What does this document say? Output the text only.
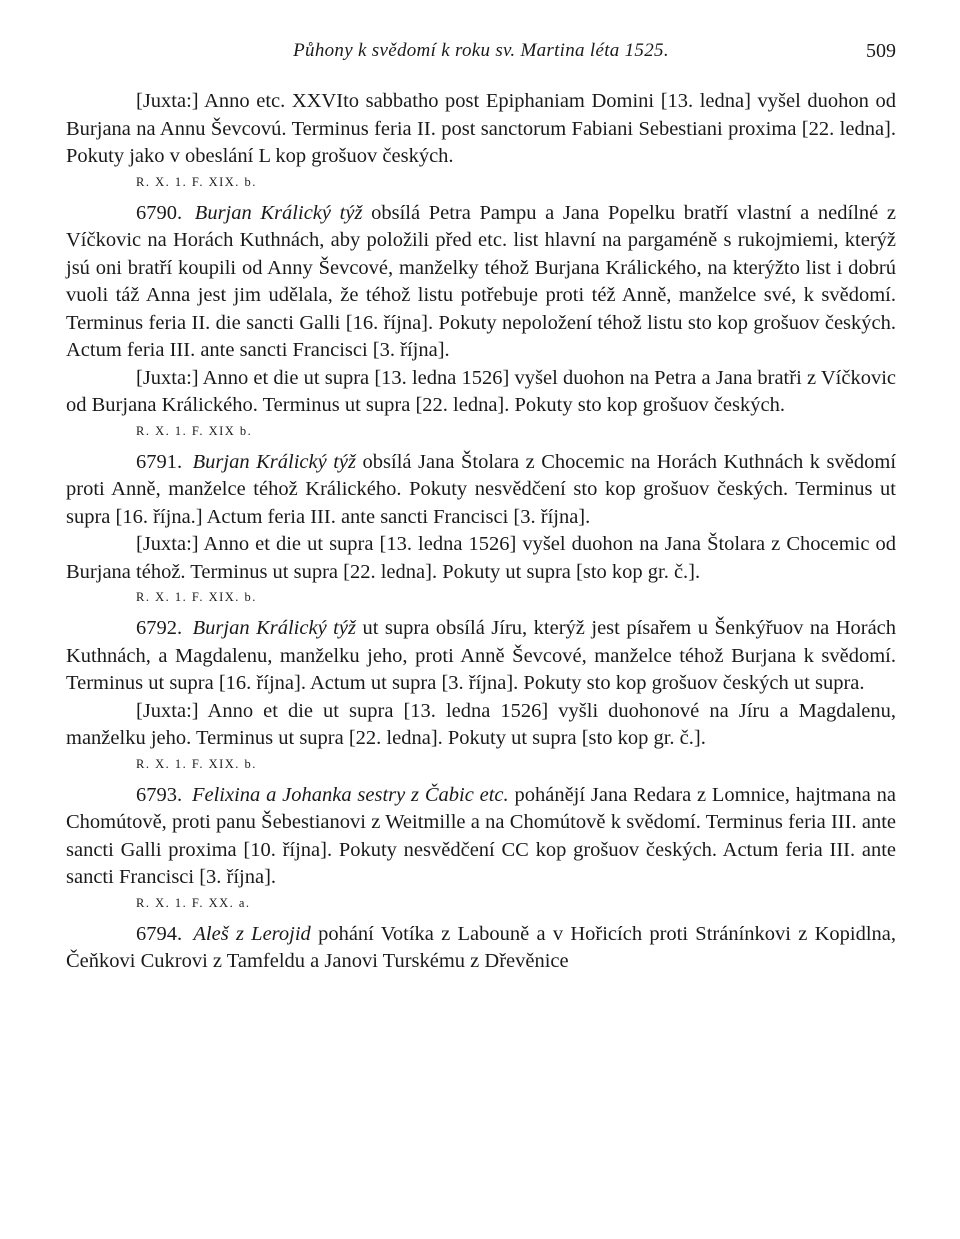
Půhony k svědomí k roku sv. Martina léta 1525.	509

[Juxta:] Anno etc. XXVIto sabbatho post Epiphaniam Domini [13. ledna] vyšel duohon od Burjana na Annu Ševcovú. Terminus feria II. post sanctorum Fabiani Sebestiani proxima [22. ledna]. Pokuty jako v obeslání L kop grošuov českých.

R. X. 1. F. XIX. b.

6790. Burjan Králický týž obsílá Petra Pampu a Jana Popelku bratří vlastní a nedílné z Víčkovic na Horách Kuthnách, aby položili před etc. list hlavní na pargaméně s rukojmiemi, kterýž jsú oni bratří koupili od Anny Ševcové, manželky téhož Burjana Králického, na kterýžto list i dobrú vuoli táž Anna jest jim udělala, že téhož listu potřebuje proti též Anně, manželce své, k svědomí. Terminus feria II. die sancti Galli [16. října]. Pokuty nepoložení téhož listu sto kop grošuov českých. Actum feria III. ante sancti Francisci [3. října].

[Juxta:] Anno et die ut supra [13. ledna 1526] vyšel duohon na Petra a Jana bratři z Víčkovic od Burjana Králického. Terminus ut supra [22. ledna]. Pokuty sto kop grošuov českých.

R. X. 1. F. XIX b.

6791. Burjan Králický týž obsílá Jana Štolara z Chocemic na Horách Kuthnách k svědomí proti Anně, manželce téhož Králického. Pokuty nesvědčení sto kop grošuov českých. Terminus ut supra [16. října.] Actum feria III. ante sancti Francisci [3. října].

[Juxta:] Anno et die ut supra [13. ledna 1526] vyšel duohon na Jana Štolara z Chocemic od Burjana téhož. Terminus ut supra [22. ledna]. Pokuty ut supra [sto kop gr. č.].

R. X. 1. F. XIX. b.

6792. Burjan Králický týž ut supra obsílá Jíru, kterýž jest písařem u Šenkýřuov na Horách Kuthnách, a Magdalenu, manželku jeho, proti Anně Ševcové, manželce téhož Burjana k svědomí. Terminus ut supra [16. října]. Actum ut supra [3. října]. Pokuty sto kop grošuov českých ut supra.

[Juxta:] Anno et die ut supra [13. ledna 1526] vyšli duohonové na Jíru a Magdalenu, manželku jeho. Terminus ut supra [22. ledna]. Pokuty ut supra [sto kop gr. č.].

R. X. 1. F. XIX. b.

6793. Felixina a Johanka sestry z Čabic etc. pohánějí Jana Redara z Lomnice, hajtmana na Chomútově, proti panu Šebestianovi z Weitmille a na Chomútově k svědomí. Terminus feria III. ante sancti Galli proxima [10. října]. Pokuty nesvědčení CC kop grošuov českých. Actum feria III. ante sancti Francisci [3. října].

R. X. 1. F. XX. a.

6794. Aleš z Lerojid pohání Votíka z Labouně a v Hořicích proti Stránínkovi z Kopidlna, Čeňkovi Cukrovi z Tamfeldu a Janovi Turskému z Dřevěnice
